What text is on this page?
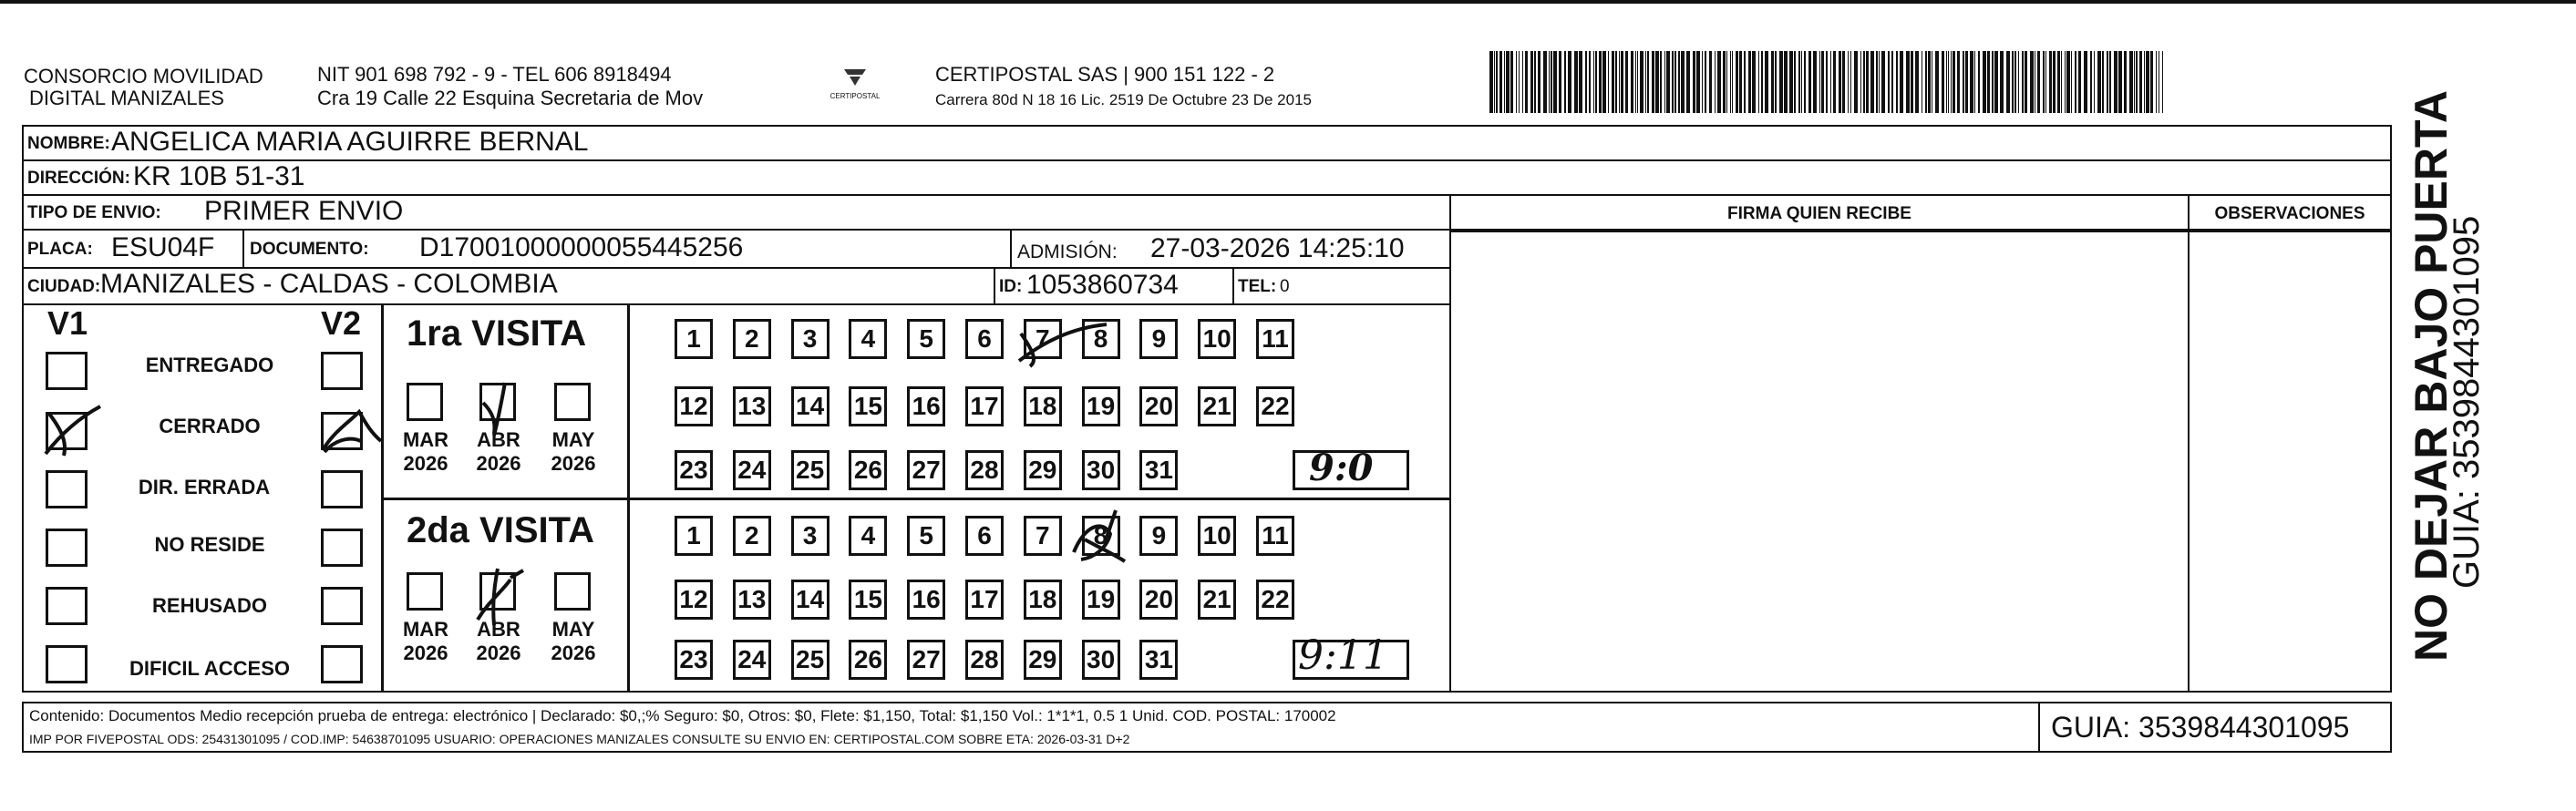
CONSORCIO MOVILIDAD
DIGITAL MANIZALES
NIT 901 698 792 - 9 - TEL 606 8918494
Cra 19 Calle 22 Esquina Secretaria de Mov	CERTIPOSTAL
CERTIPOSTAL SAS | 900 151 122 - 2
Carrera 80d N 18 16 Lic. 2519 De Octubre 23 De 2015
NOMBRE: ANGELICA MARIA AGUIRRE BERNAL
DIRECCIÓN: KR 10B 51-31
TIPO DE ENVIO: PRIMER ENVIO
PLACA: ESU04F DOCUMENTO: D17001000000055445256	ADMISIÓN: 27-03-2026 14:25:10
CIUDAD: MANIZALES - CALDAS - COLOMBIA	ID: 1053860734	TEL: 0
FIRMA QUIEN RECIBE	OBSERVACIONES
V1	V2
ENTREGADO
CERRADO
DIR. ERRADA
NO RESIDE
REHUSADO
DIFICIL ACCESO
1ra VISITA
2da VISITA
MAR
2026
ABR
2026
MAY
2026
MAR
2026
ABR
2026
MAY
2026
1	2	3	4	5	6	7	8	9	10 11
12 13 14 15 16 17 18 19 20 21 22
23 24 25 26 27 28 29 30 31
1	2	3	4	5	6	7	8	9	10 11
12 13 14 15 16 17 18 19 20 21 22
23 24 25 26 27 28 29 30 31
9:0
9:11
Contenido: Documentos Medio recepción prueba de entrega: electrónico | Declarado: $0,;% Seguro: $0, Otros: $0, Flete: $1,150, Total: $1,150 Vol.: 1*1*1, 0.5 1 Unid. COD. POSTAL: 170002
IMP POR FIVEPOSTAL ODS: 25431301095 / COD.IMP: 54638701095 USUARIO: OPERACIONES MANIZALES CONSULTE SU ENVIO EN: CERTIPOSTAL.COM SOBRE ETA: 2026-03-31 D+2	GUIA: 3539844301095
NO DEJAR BAJO PUERTA
GUIA: 3539844301095
